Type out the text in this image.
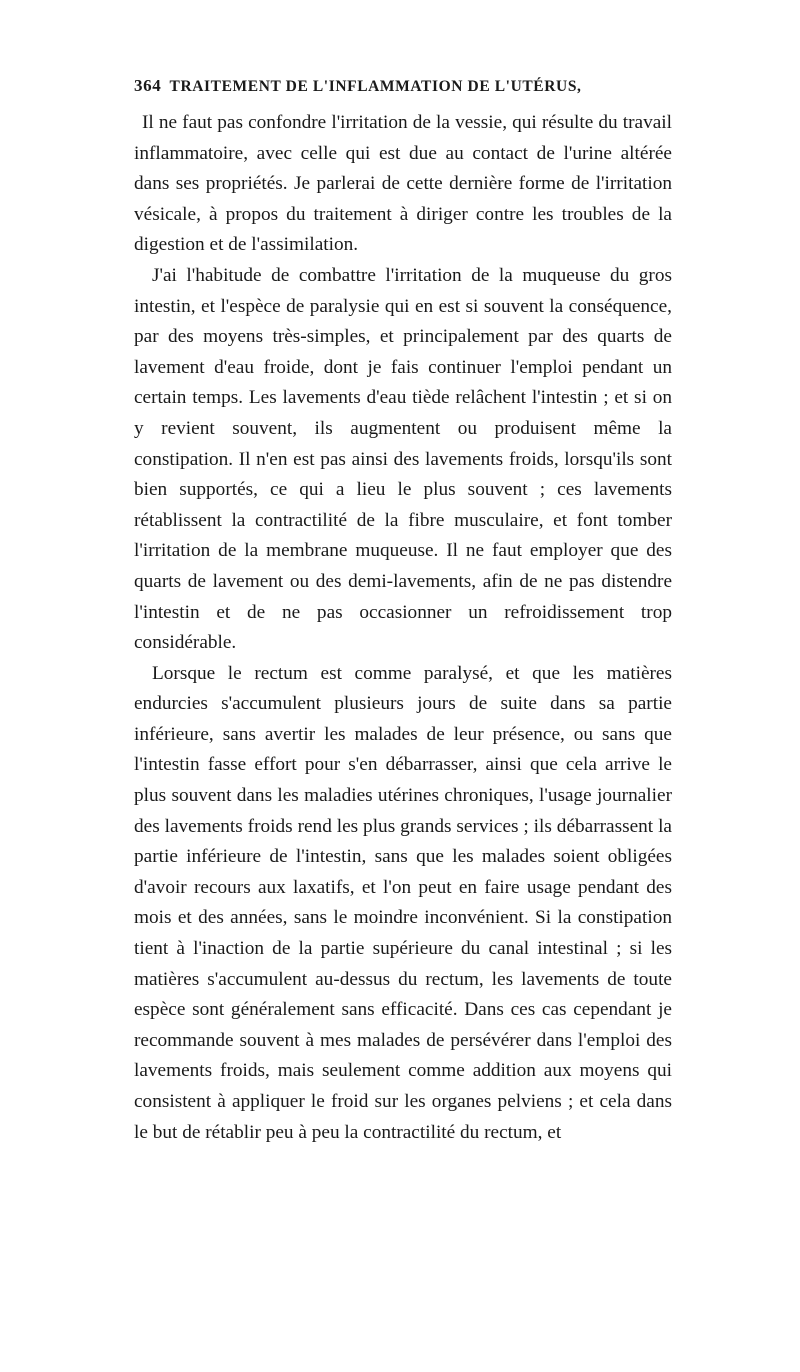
364 TRAITEMENT DE L'INFLAMMATION DE L'UTÉRUS,

Il ne faut pas confondre l'irritation de la vessie, qui résulte du travail inflammatoire, avec celle qui est due au contact de l'urine altérée dans ses propriétés. Je parlerai de cette dernière forme de l'irritation vésicale, à propos du traitement à diriger contre les troubles de la digestion et de l'assimilation.

J'ai l'habitude de combattre l'irritation de la muqueuse du gros intestin, et l'espèce de paralysie qui en est si souvent la conséquence, par des moyens très-simples, et principalement par des quarts de lavement d'eau froide, dont je fais continuer l'emploi pendant un certain temps. Les lavements d'eau tiède relâchent l'intestin ; et si on y revient souvent, ils augmentent ou produisent même la constipation. Il n'en est pas ainsi des lavements froids, lorsqu'ils sont bien supportés, ce qui a lieu le plus souvent ; ces lavements rétablissent la contractilité de la fibre musculaire, et font tomber l'irritation de la membrane muqueuse. Il ne faut employer que des quarts de lavement ou des demi-lavements, afin de ne pas distendre l'intestin et de ne pas occasionner un refroidissement trop considérable.

Lorsque le rectum est comme paralysé, et que les matières endurcies s'accumulent plusieurs jours de suite dans sa partie inférieure, sans avertir les malades de leur présence, ou sans que l'intestin fasse effort pour s'en débarrasser, ainsi que cela arrive le plus souvent dans les maladies utérines chroniques, l'usage journalier des lavements froids rend les plus grands services ; ils débarrassent la partie inférieure de l'intestin, sans que les malades soient obligées d'avoir recours aux laxatifs, et l'on peut en faire usage pendant des mois et des années, sans le moindre inconvénient. Si la constipation tient à l'inaction de la partie supérieure du canal intestinal ; si les matières s'accumulent au-dessus du rectum, les lavements de toute espèce sont généralement sans efficacité. Dans ces cas cependant je recommande souvent à mes malades de persévérer dans l'emploi des lavements froids, mais seulement comme addition aux moyens qui consistent à appliquer le froid sur les organes pelviens ; et cela dans le but de rétablir peu à peu la contractilité du rectum, et
